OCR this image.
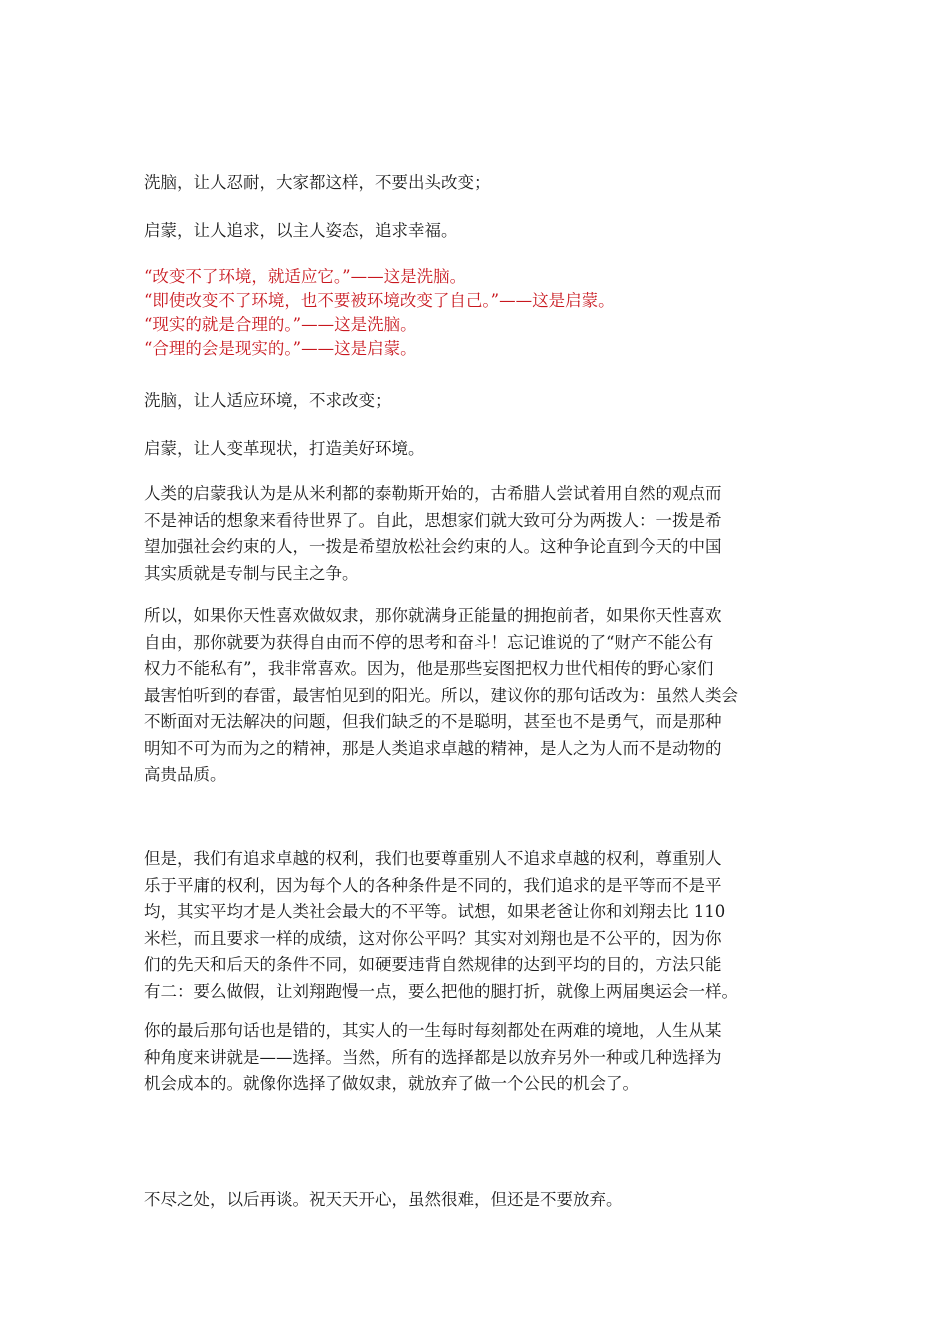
洗脑，让人忍耐，大家都这样，不要出头改变；

启蒙，让人追求，以主人姿态，追求幸福。

“改变不了环境，就适应它。”——这是洗脑。
“即使改变不了环境，也不要被环境改变了自己。”——这是启蒙。
“现实的就是合理的。”——这是洗脑。
“合理的会是现实的。”——这是启蒙。

洗脑，让人适应环境，不求改变；

启蒙，让人变革现状，打造美好环境。

人类的启蒙我认为是从米利都的泰勒斯开始的，古希腊人尝试着用自然的观点而
不是神话的想象来看待世界了。自此，思想家们就大致可分为两拨人：一拨是希
望加强社会约束的人，一拨是希望放松社会约束的人。这种争论直到今天的中国
其实质就是专制与民主之争。
所以，如果你天性喜欢做奴隶，那你就满身正能量的拥抱前者，如果你天性喜欢
自由，那你就要为获得自由而不停的思考和奋斗！忘记谁说的了“财产不能公有
权力不能私有”，我非常喜欢。因为，他是那些妄图把权力世代相传的野心家们
最害怕听到的春雷，最害怕见到的阳光。所以，建议你的那句话改为：虽然人类会
不断面对无法解决的问题，但我们缺乏的不是聪明，甚至也不是勇气，而是那种
明知不可为而为之的精神，那是人类追求卓越的精神，是人之为人而不是动物的
高贵品质。
但是，我们有追求卓越的权利，我们也要尊重别人不追求卓越的权利，尊重别人
乐于平庸的权利，因为每个人的各种条件是不同的，我们追求的是平等而不是平
均，其实平均才是人类社会最大的不平等。试想，如果老爸让你和刘翔去比 110
米栏，而且要求一样的成绩，这对你公平吗？其实对刘翔也是不公平的，因为你
们的先天和后天的条件不同，如硬要违背自然规律的达到平均的目的，方法只能
有二：要么做假，让刘翔跑慢一点，要么把他的腿打折，就像上两届奥运会一样。
你的最后那句话也是错的，其实人的一生每时每刻都处在两难的境地，人生从某
种角度来讲就是——选择。当然，所有的选择都是以放弃另外一种或几种选择为
机会成本的。就像你选择了做奴隶，就放弃了做一个公民的机会了。

不尽之处，以后再谈。祝天天开心，虽然很难，但还是不要放弃。
